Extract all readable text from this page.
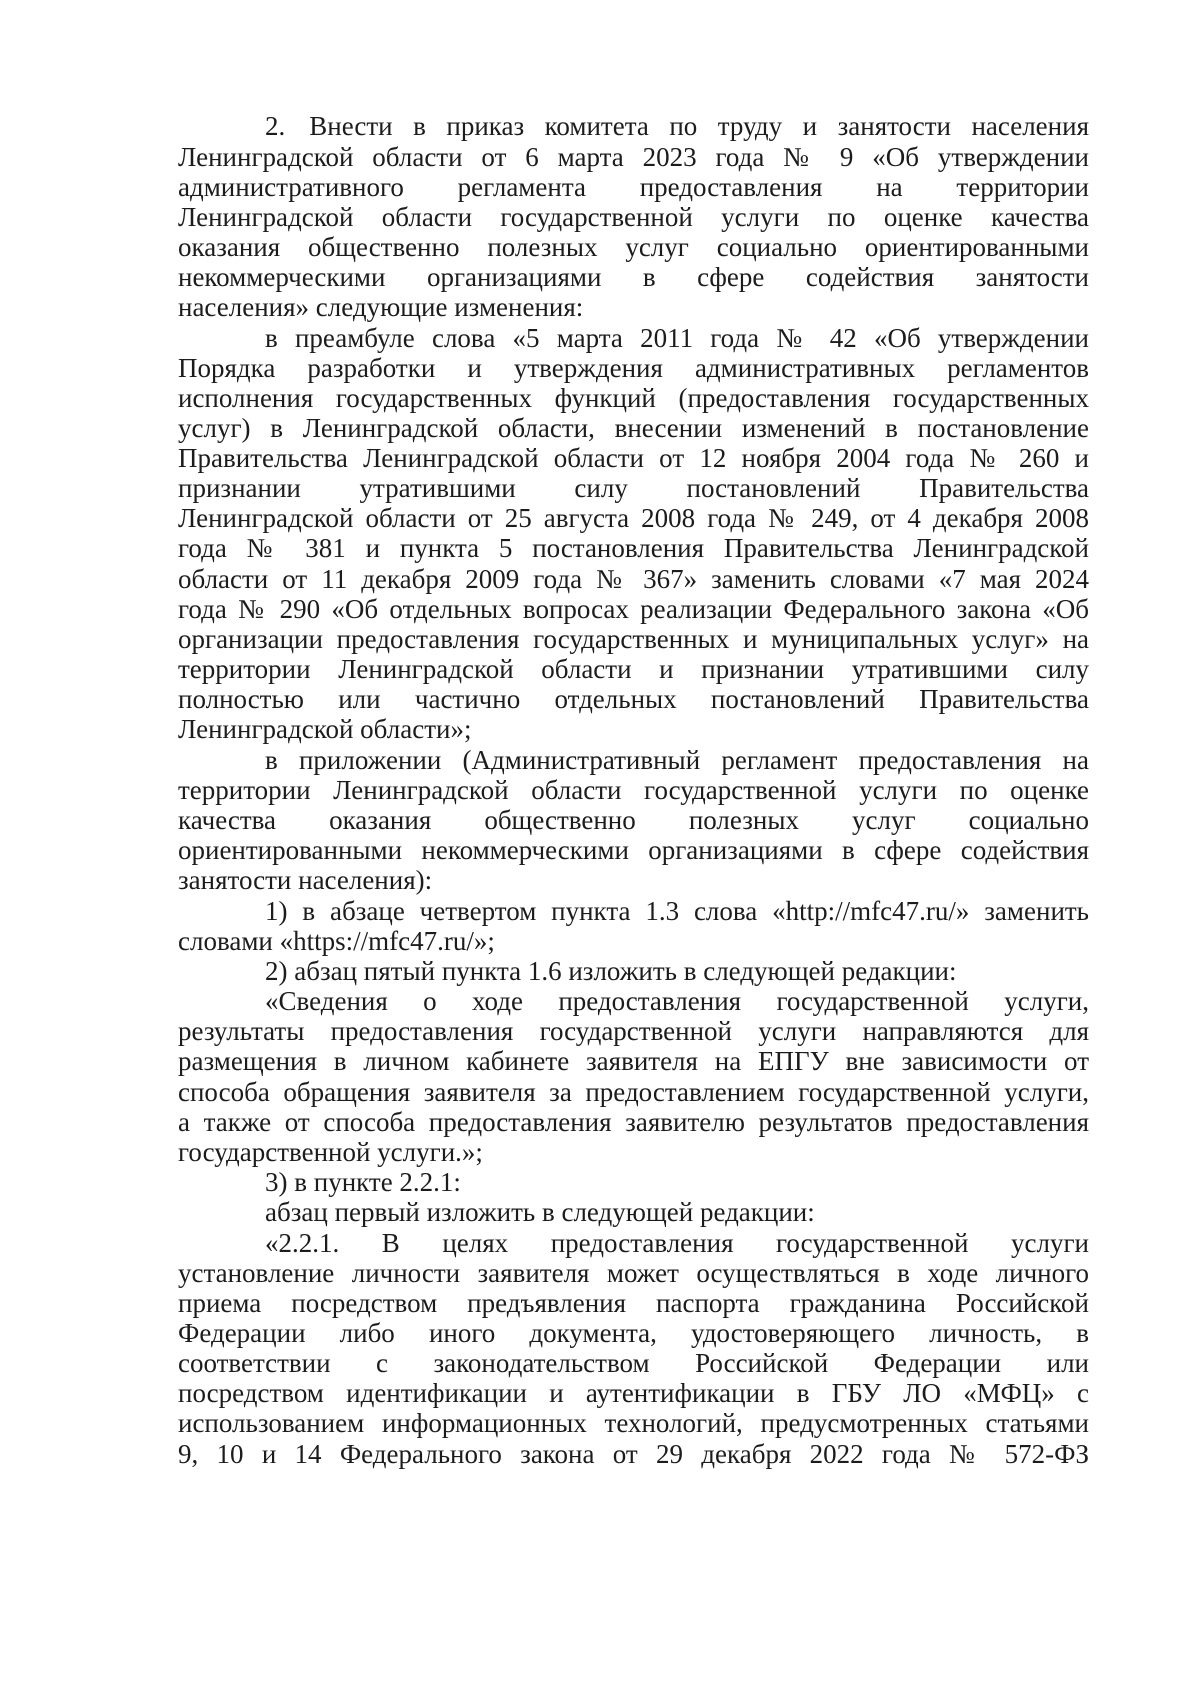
2. Внести в приказ комитета по труду и занятости населения
Ленинградской области от 6 марта 2023 года № 9 «Об утверждении
административного регламента предоставления на территории
Ленинградской области государственной услуги по оценке качества
оказания общественно полезных услуг социально ориентированными
некоммерческими организациями в сфере содействия занятости
населения» следующие изменения:
в преамбуле слова «5 марта 2011 года № 42 «Об утверждении
Порядка разработки и утверждения административных регламентов
исполнения государственных функций (предоставления государственных
услуг) в Ленинградской области, внесении изменений в постановление
Правительства Ленинградской области от 12 ноября 2004 года № 260 и
признании утратившими силу постановлений Правительства
Ленинградской области от 25 августа 2008 года № 249, от 4 декабря 2008
года № 381 и пункта 5 постановления Правительства Ленинградской
области от 11 декабря 2009 года № 367» заменить словами «7 мая 2024
года № 290 «Об отдельных вопросах реализации Федерального закона «Об
организации предоставления государственных и муниципальных услуг» на
территории Ленинградской области и признании утратившими силу
полностью или частично отдельных постановлений Правительства
Ленинградской области»;
в приложении (Административный регламент предоставления на
территории Ленинградской области государственной услуги по оценке
качества оказания общественно полезных услуг социально
ориентированными некоммерческими организациями в сфере содействия
занятости населения):
1) в абзаце четвертом пункта 1.3 слова «http://mfc47.ru/» заменить
словами «https://mfc47.ru/»;
2) абзац пятый пункта 1.6 изложить в следующей редакции:
«Сведения о ходе предоставления государственной услуги,
результаты предоставления государственной услуги направляются для
размещения в личном кабинете заявителя на ЕПГУ вне зависимости от
способа обращения заявителя за предоставлением государственной услуги,
а также от способа предоставления заявителю результатов предоставления
государственной услуги.»;
3) в пункте 2.2.1:
абзац первый изложить в следующей редакции:
«2.2.1. В целях предоставления государственной услуги
установление личности заявителя может осуществляться в ходе личного
приема посредством предъявления паспорта гражданина Российской
Федерации либо иного документа, удостоверяющего личность, в
соответствии с законодательством Российской Федерации или
посредством идентификации и аутентификации в ГБУ ЛО «МФЦ» с
использованием информационных технологий, предусмотренных статьями
9, 10 и 14 Федерального закона от 29 декабря 2022 года № 572-ФЗ
